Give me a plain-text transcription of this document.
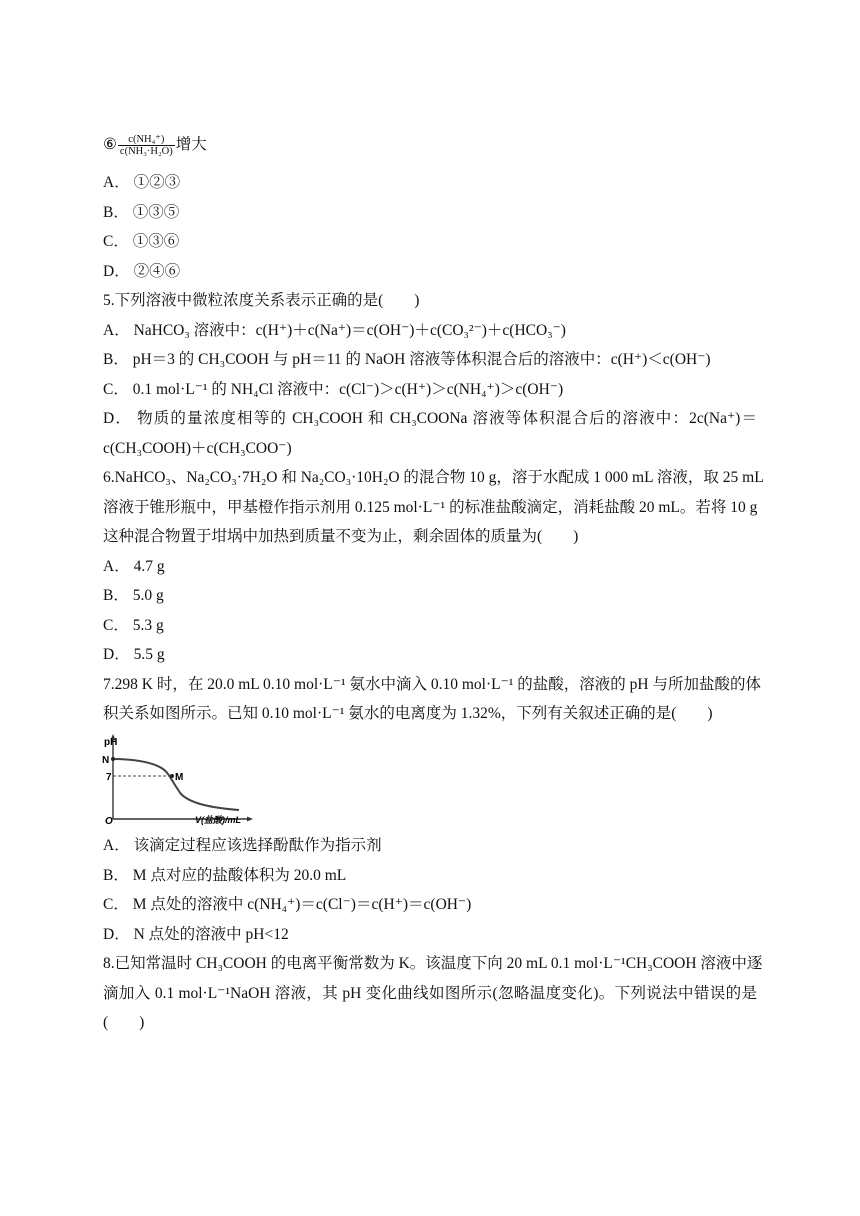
⑥ $\frac{\text{c(NH₄⁺)}}{\text{c(NH₃·H₂O)}}$ 增大
A． ①②③
B． ①③⑤
C． ①③⑥
D． ②④⑥
5.下列溶液中微粒浓度关系表示正确的是(　　)
A． NaHCO₃ 溶液中：c(H⁺)＋c(Na⁺)＝c(OH⁻)＋c(CO₃²⁻)＋c(HCO₃⁻)
B． pH＝3 的 CH₃COOH 与 pH＝11 的 NaOH 溶液等体积混合后的溶液中：c(H⁺)＜c(OH⁻)
C． 0.1 mol·L⁻¹ 的 NH₄Cl 溶液中：c(Cl⁻)＞c(H⁺)＞c(NH₄⁺)＞c(OH⁻)
D． 物质的量浓度相等的 CH₃COOH 和 CH₃COONa 溶液等体积混合后的溶液中：2c(Na⁺)＝
c(CH₃COOH)＋c(CH₃COO⁻)
6.NaHCO₃、Na₂CO₃·7H₂O 和 Na₂CO₃·10H₂O 的混合物 10 g，溶于水配成 1 000 mL 溶液，取 25 mL
溶液于锥形瓶中，甲基橙作指示剂用 0.125 mol·L⁻¹ 的标准盐酸滴定，消耗盐酸 20 mL。若将 10 g
这种混合物置于坩埚中加热到质量不变为止，剩余固体的质量为(　　)
A． 4.7 g
B． 5.0 g
C． 5.3 g
D． 5.5 g
7.298 K 时，在 20.0 mL 0.10 mol·L⁻¹ 氨水中滴入 0.10 mol·L⁻¹ 的盐酸，溶液的 pH 与所加盐酸的体
积关系如图所示。已知 0.10 mol·L⁻¹ 氨水的电离度为 1.32%，下列有关叙述正确的是(　　)
pH
N
7
O
M
V(盐酸)/mL
A． 该滴定过程应该选择酚酞作为指示剂
B． M 点对应的盐酸体积为 20.0 mL
C． M 点处的溶液中 c(NH₄⁺)＝c(Cl⁻)＝c(H⁺)＝c(OH⁻)
D． N 点处的溶液中 pH<12
8.已知常温时 CH₃COOH 的电离平衡常数为 K。该温度下向 20 mL 0.1 mol·L⁻¹CH₃COOH 溶液中逐
滴加入 0.1 mol·L⁻¹NaOH 溶液，其 pH 变化曲线如图所示(忽略温度变化)。下列说法中错误的是
(　　)
